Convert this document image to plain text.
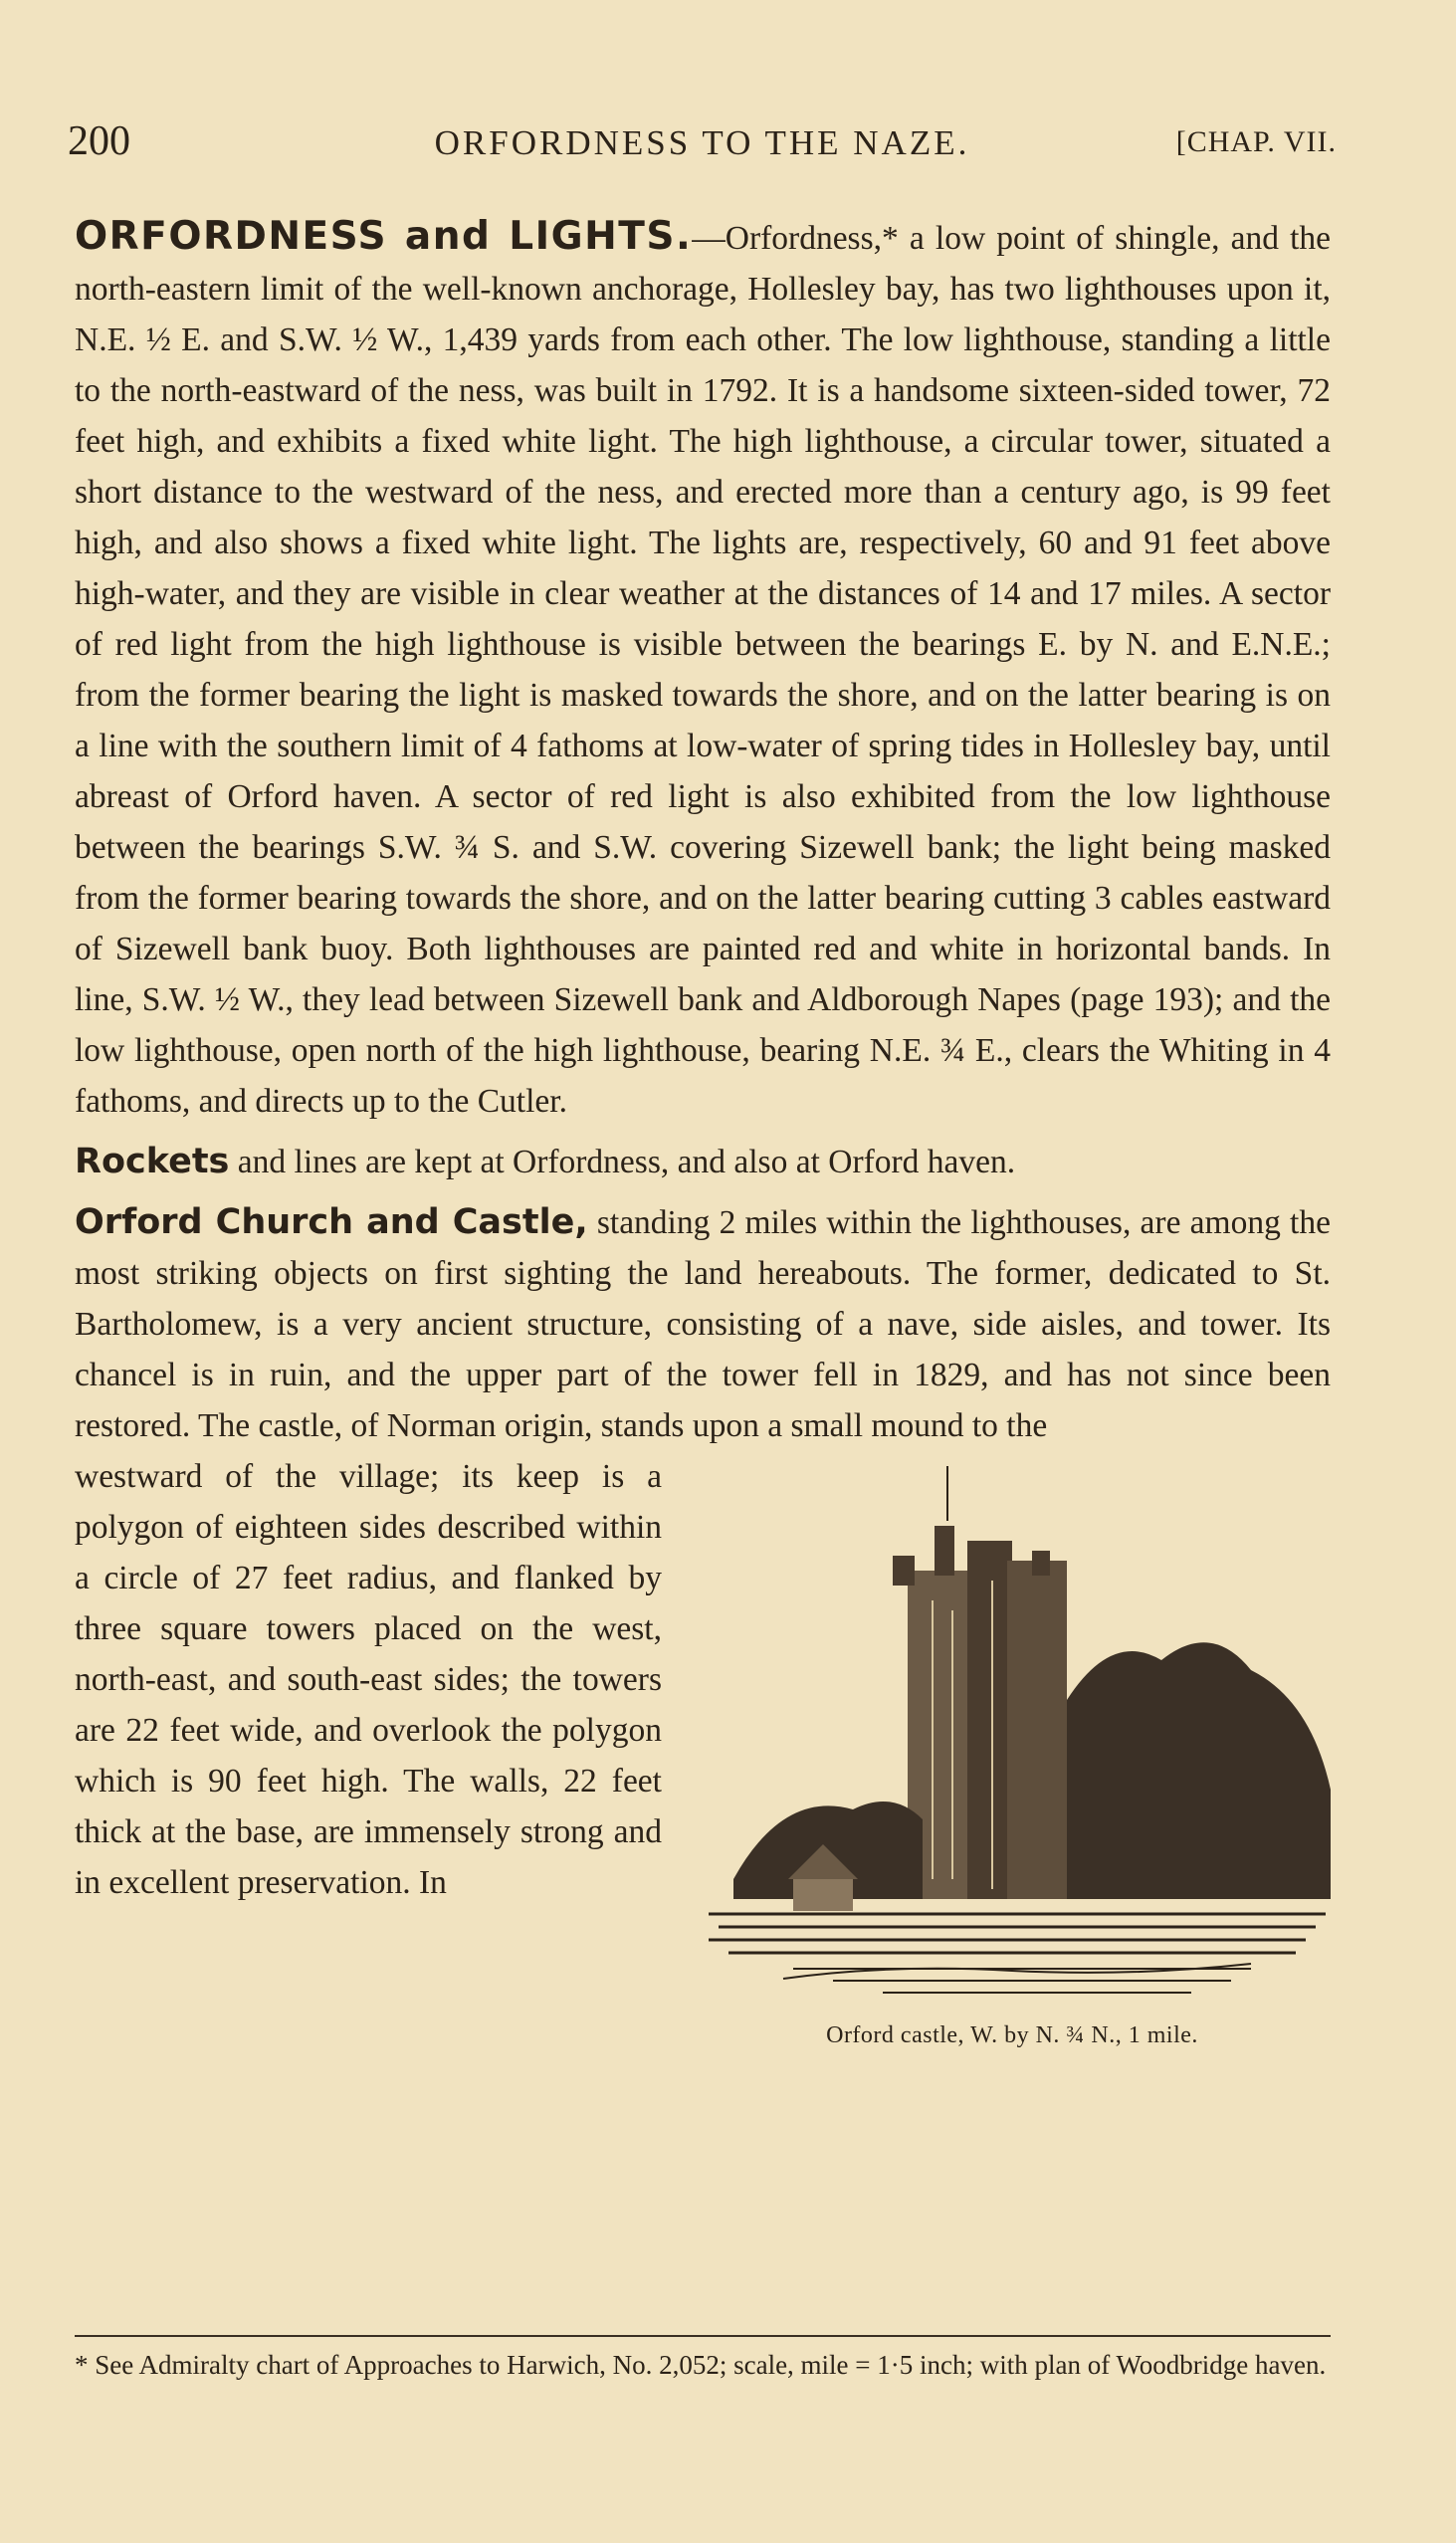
200	ORFORDNESS TO THE NAZE.	[CHAP. VII.

ORFORDNESS and LIGHTS.—Orfordness,* a low point of shingle, and the north-eastern limit of the well-known anchorage, Hollesley bay, has two lighthouses upon it, N.E. ½ E. and S.W. ½ W., 1,439 yards from each other. The low lighthouse, standing a little to the north-eastward of the ness, was built in 1792. It is a handsome sixteen-sided tower, 72 feet high, and exhibits a fixed white light. The high lighthouse, a circular tower, situated a short distance to the westward of the ness, and erected more than a century ago, is 99 feet high, and also shows a fixed white light. The lights are, respectively, 60 and 91 feet above high-water, and they are visible in clear weather at the distances of 14 and 17 miles. A sector of red light from the high lighthouse is visible between the bearings E. by N. and E.N.E.; from the former bearing the light is masked towards the shore, and on the latter bearing is on a line with the southern limit of 4 fathoms at low-water of spring tides in Hollesley bay, until abreast of Orford haven. A sector of red light is also exhibited from the low lighthouse between the bearings S.W. ¾ S. and S.W. covering Sizewell bank; the light being masked from the former bearing towards the shore, and on the latter bearing cutting 3 cables eastward of Sizewell bank buoy. Both lighthouses are painted red and white in horizontal bands. In line, S.W. ½ W., they lead between Sizewell bank and Aldborough Napes (page 193); and the low lighthouse, open north of the high lighthouse, bearing N.E. ¾ E., clears the Whiting in 4 fathoms, and directs up to the Cutler.

Rockets and lines are kept at Orfordness, and also at Orford haven.

Orford Church and Castle, standing 2 miles within the lighthouses, are among the most striking objects on first sighting the land hereabouts. The former, dedicated to St. Bartholomew, is a very ancient structure, consisting of a nave, side aisles, and tower. Its chancel is in ruin, and the upper part of the tower fell in 1829, and has not since been restored. The castle, of Norman origin, stands upon a small mound to the

westward of the village; its keep is a polygon of eighteen sides described within a circle of 27 feet radius, and flanked by three square towers placed on the west, north-east, and south-east sides; the towers are 22 feet wide, and overlook the polygon which is 90 feet high. The walls, 22 feet thick at the base, are immensely strong and in excellent preservation. In

Orford castle, W. by N. ¾ N., 1 mile.
* See Admiralty chart of Approaches to Harwich, No. 2,052; scale, mile = 1·5 inch; with plan of Woodbridge haven.
